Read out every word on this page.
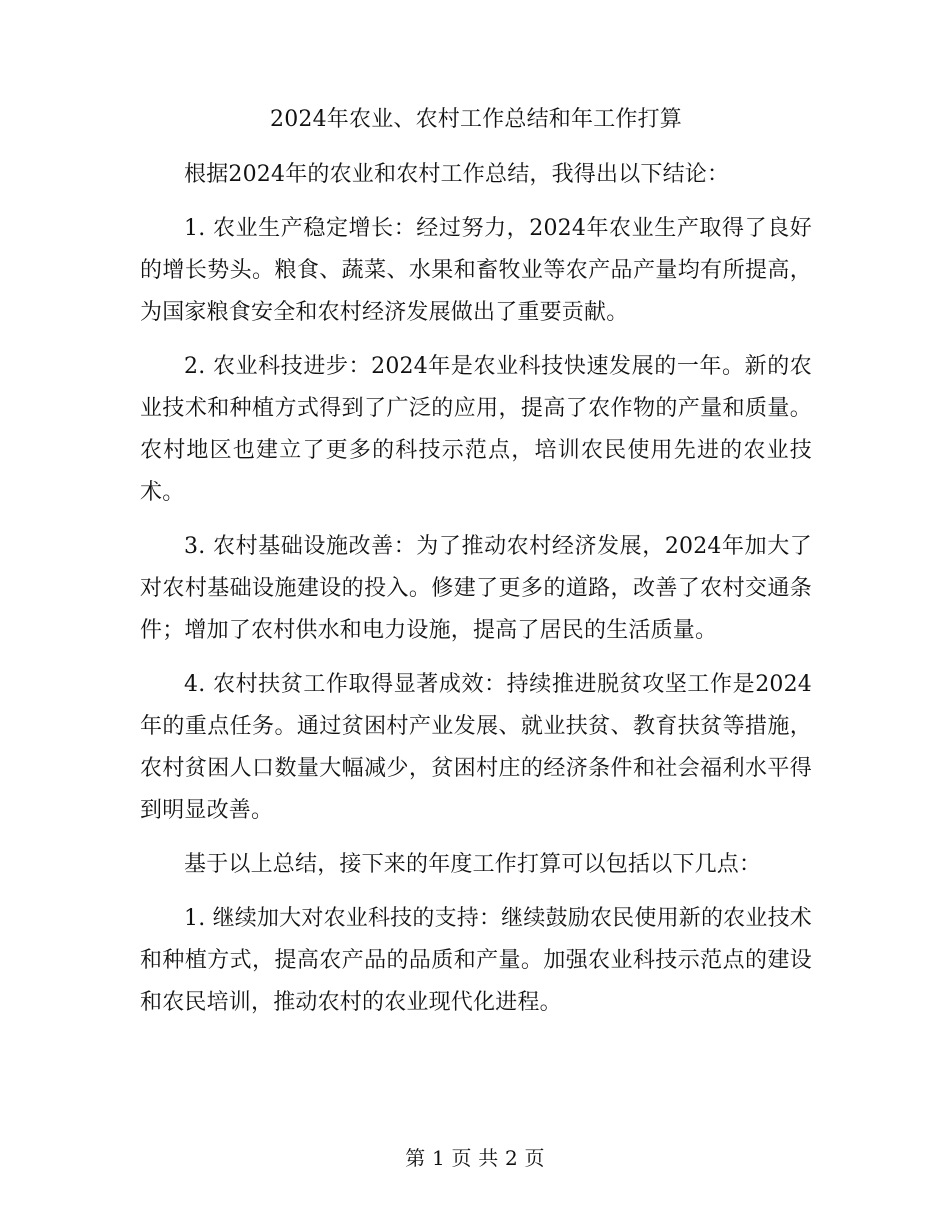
2024年农业、农村工作总结和年工作打算

根据2024年的农业和农村工作总结，我得出以下结论：

1. 农业生产稳定增长：经过努力，2024年农业生产取得了良好的增长势头。粮食、蔬菜、水果和畜牧业等农产品产量均有所提高，为国家粮食安全和农村经济发展做出了重要贡献。

2. 农业科技进步：2024年是农业科技快速发展的一年。新的农业技术和种植方式得到了广泛的应用，提高了农作物的产量和质量。农村地区也建立了更多的科技示范点，培训农民使用先进的农业技术。

3. 农村基础设施改善：为了推动农村经济发展，2024年加大了对农村基础设施建设的投入。修建了更多的道路，改善了农村交通条件；增加了农村供水和电力设施，提高了居民的生活质量。

4. 农村扶贫工作取得显著成效：持续推进脱贫攻坚工作是2024年的重点任务。通过贫困村产业发展、就业扶贫、教育扶贫等措施，农村贫困人口数量大幅减少，贫困村庄的经济条件和社会福利水平得到明显改善。

基于以上总结，接下来的年度工作打算可以包括以下几点：

1. 继续加大对农业科技的支持：继续鼓励农民使用新的农业技术和种植方式，提高农产品的品质和产量。加强农业科技示范点的建设和农民培训，推动农村的农业现代化进程。

第 1 页 共 2 页
